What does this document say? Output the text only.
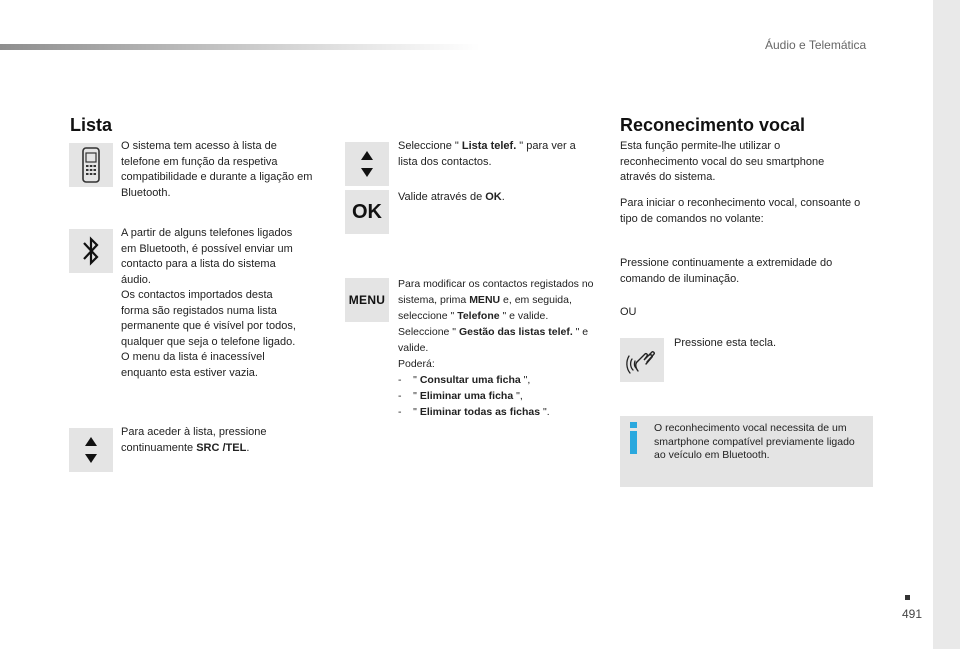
Áudio e Telemática
Lista
O sistema tem acesso à lista de telefone em função da respetiva compatibilidade e durante a ligação em Bluetooth.
A partir de alguns telefones ligados
em Bluetooth, é possível enviar um
contacto para a lista do sistema
áudio.
Os contactos importados desta
forma são registados numa lista
permanente que é visível por todos,
qualquer que seja o telefone ligado.
O menu da lista é inacessível
enquanto esta estiver vazia.
Para aceder à lista, pressione continuamente SRC /TEL.
Seleccione " Lista telef. " para ver a lista dos contactos.
OK
Valide através de OK.
MENU
Para modificar os contactos registados no sistema, prima MENU e, em seguida, seleccione " Telefone " e valide.
Seleccione " Gestão das listas telef. " e valide.
Poderá:
- " Consultar uma ficha ",
- " Eliminar uma ficha ",
- " Eliminar todas as fichas ".
Reconecimento vocal
Esta função permite-lhe utilizar o reconhecimento vocal do seu smartphone através do sistema.
Para iniciar o reconhecimento vocal, consoante o tipo de comandos no volante:
Pressione continuamente a extremidade do comando de iluminação.
OU
Pressione esta tecla.
O reconhecimento vocal necessita de um smartphone compatível previamente ligado ao veículo em Bluetooth.
491
